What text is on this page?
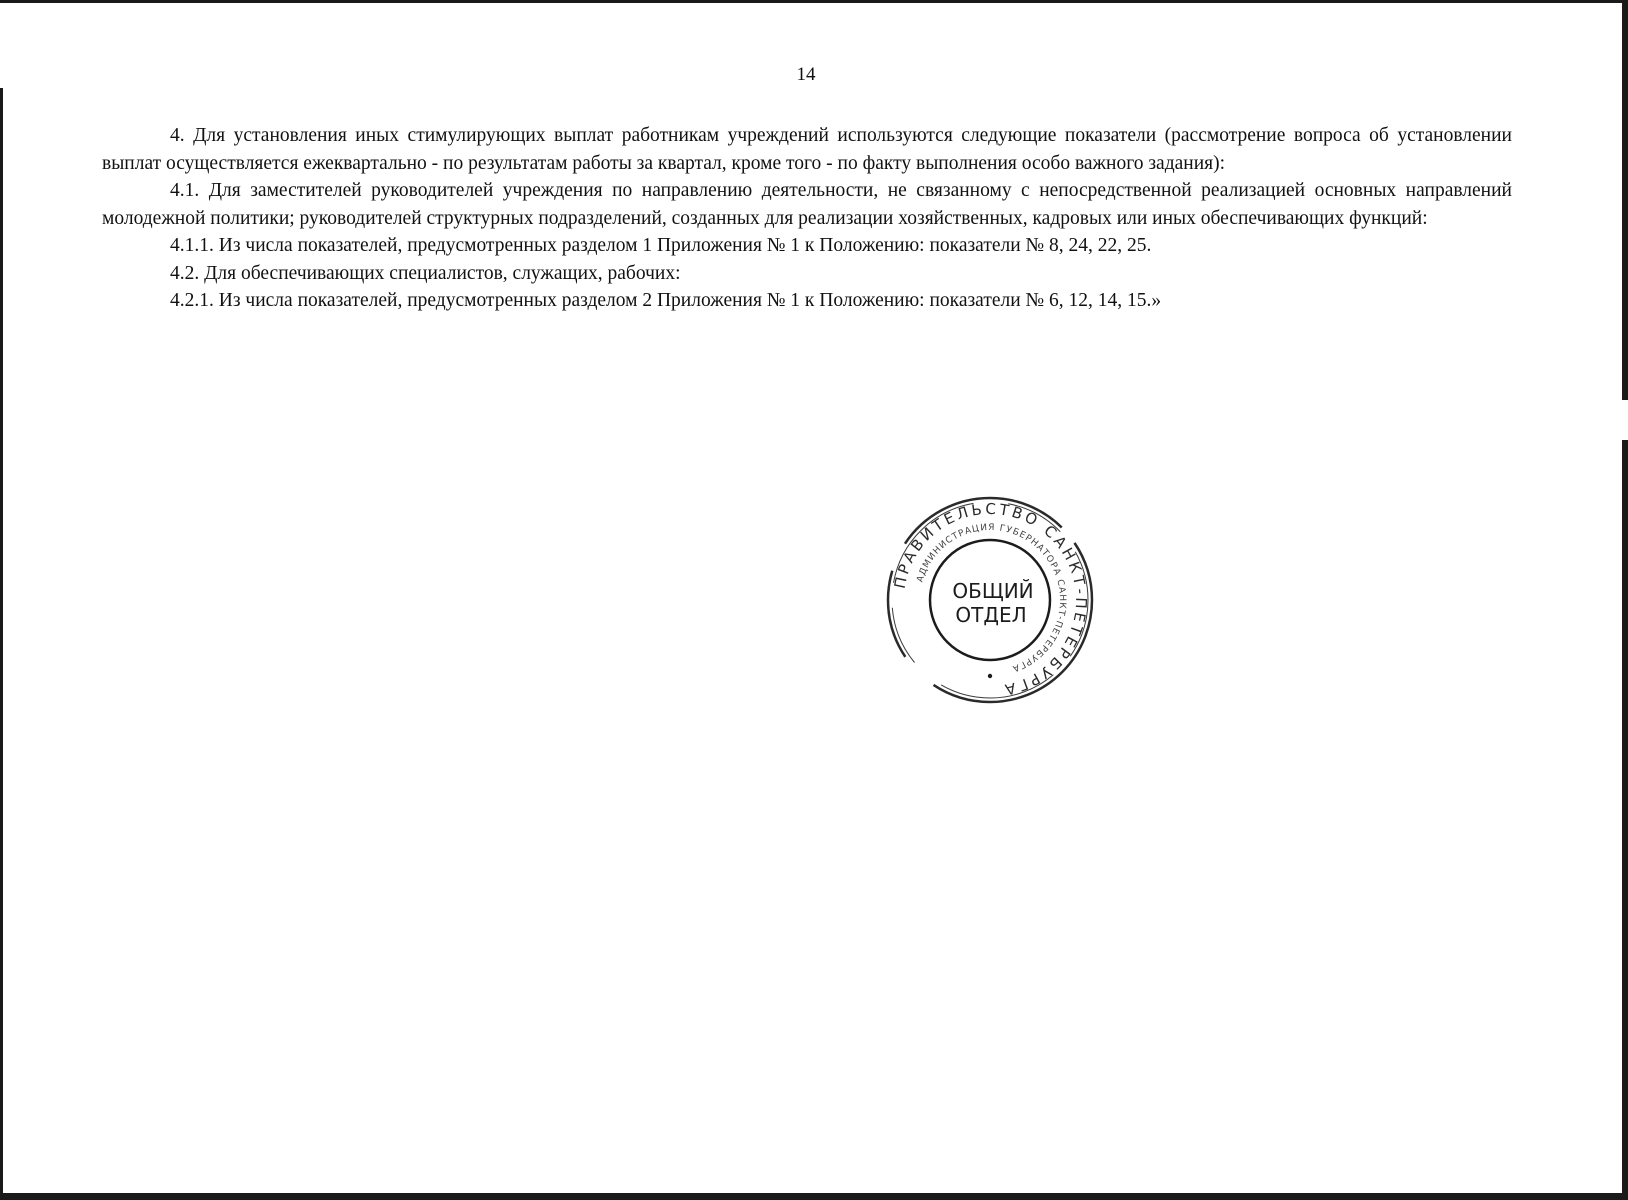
14

4. Для установления иных стимулирующих выплат работникам учреждений используются следующие показатели (рассмотрение вопроса об установлении выплат осуществляется ежеквартально - по результатам работы за квартал, кроме того - по факту выполнения особо важного задания):

4.1. Для заместителей руководителей учреждения по направлению деятельности, не связанному с непосредственной реализацией основных направлений молодежной политики; руководителей структурных подразделений, созданных для реализации хозяйственных, кадровых или иных обеспечивающих функций:

4.1.1. Из числа показателей, предусмотренных разделом 1 Приложения № 1 к Положению: показатели № 8, 24, 22, 25.

4.2. Для обеспечивающих специалистов, служащих, рабочих:

4.2.1. Из числа показателей, предусмотренных разделом 2 Приложения № 1 к Положению: показатели № 6, 12, 14, 15.»

ПРАВИТЕЛЬСТВО САНКТ-ПЕТЕРБУРГА
АДМИНИСТРАЦИЯ ГУБЕРНАТОРА САНКТ-ПЕТЕРБУРГА
ОБЩИЙ
ОТДЕЛ
